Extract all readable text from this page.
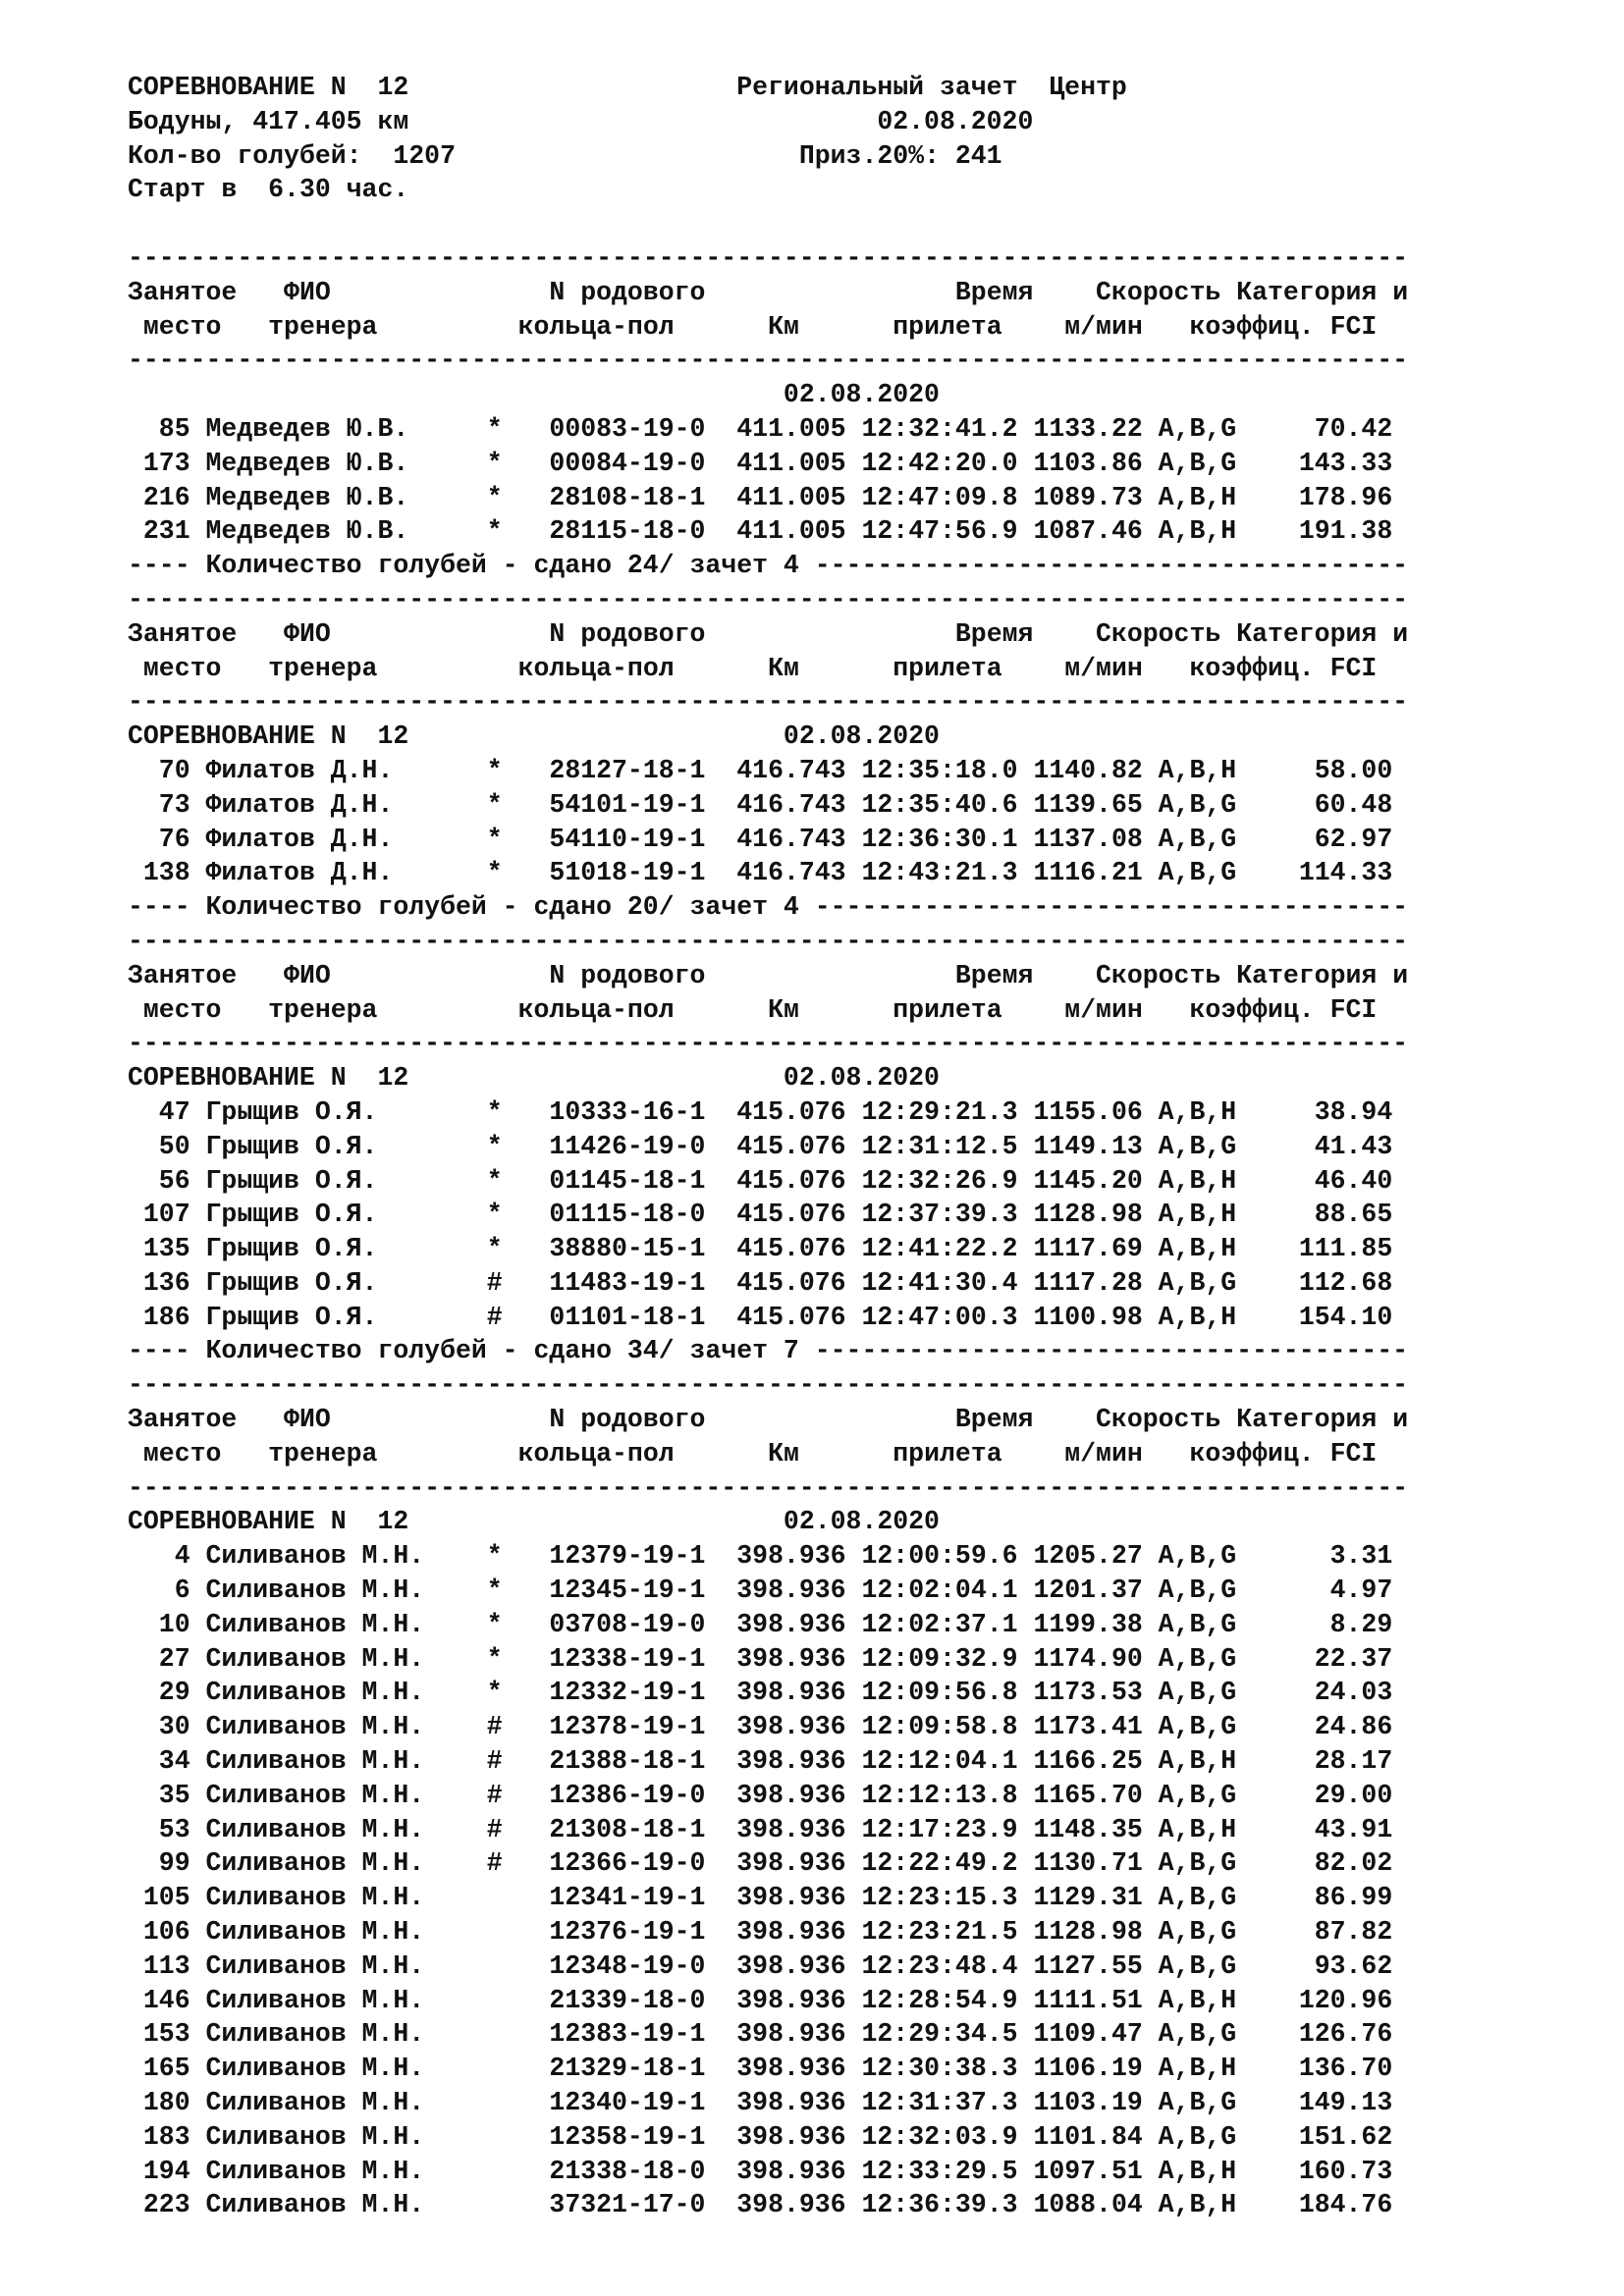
СОРЕВНОВАНИЕ N  12	Региональный зачет  Центр
Бодуны, 417.405 км	02.08.2020
Кол-во голубей: 1207	Приз.20%: 241
Старт в 6.30 час.
----------------------------------------------------------------------------------
Занятое ФИО	N родового	Время Скорость Категория и
место тренера	кольца-пол	Км	прилета м/мин коэффиц. FCI
----------------------------------------------------------------------------------
02.08.2020
85 Медведев Ю.В.     * 00083-19-0 411.005 12:32:41.2 1133.22 A,B,G	70.42
173 Медведев Ю.В.     * 00084-19-0 411.005 12:42:20.0 1103.86 A,B,G 143.33
216 Медведев Ю.В.     * 28108-18-1 411.005 12:47:09.8 1089.73 A,B,H 178.96
231 Медведев Ю.В.     * 28115-18-0 411.005 12:47:56.9 1087.46 A,B,H 191.38
---- Количество голубей - сдано 24/ зачет 4 --------------------------------------
----------------------------------------------------------------------------------
Занятое ФИО	N родового	Время Скорость Категория и
место тренера	кольца-пол	Км	прилета м/мин коэффиц. FCI
----------------------------------------------------------------------------------
СОРЕВНОВАНИЕ N  12	02.08.2020
70 Филатов Д.Н.      * 28127-18-1 416.743 12:35:18.0 1140.82 A,B,H	58.00
73 Филатов Д.Н.      * 54101-19-1 416.743 12:35:40.6 1139.65 A,B,G	60.48
76 Филатов Д.Н.      * 54110-19-1 416.743 12:36:30.1 1137.08 A,B,G	62.97
138 Филатов Д.Н.      * 51018-19-1 416.743 12:43:21.3 1116.21 A,B,G 114.33
---- Количество голубей - сдано 20/ зачет 4 --------------------------------------
----------------------------------------------------------------------------------
Занятое ФИО	N родового	Время Скорость Категория и
место тренера	кольца-пол	Км	прилета м/мин коэффиц. FCI
----------------------------------------------------------------------------------
СОРЕВНОВАНИЕ N  12	02.08.2020
47 Грыщив О.Я.       * 10333-16-1 415.076 12:29:21.3 1155.06 A,B,H	38.94
50 Грыщив О.Я.       * 11426-19-0 415.076 12:31:12.5 1149.13 A,B,G	41.43
56 Грыщив О.Я.       * 01145-18-1 415.076 12:32:26.9 1145.20 A,B,H	46.40
107 Грыщив О.Я.       * 01115-18-0 415.076 12:37:39.3 1128.98 A,B,H	88.65
135 Грыщив О.Я.       * 38880-15-1 415.076 12:41:22.2 1117.69 A,B,H 111.85
136 Грыщив О.Я.       # 11483-19-1 415.076 12:41:30.4 1117.28 A,B,G 112.68
186 Грыщив О.Я.       # 01101-18-1 415.076 12:47:00.3 1100.98 A,B,H 154.10
---- Количество голубей - сдано 34/ зачет 7 --------------------------------------
----------------------------------------------------------------------------------
Занятое ФИО	N родового	Время Скорость Категория и
место тренера	кольца-пол	Км	прилета м/мин коэффиц. FCI
----------------------------------------------------------------------------------
СОРЕВНОВАНИЕ N  12	02.08.2020
4 Силиванов М.Н. * 12379-19-1 398.936 12:00:59.6 1205.27 A,B,G	3.31
6 Силиванов М.Н. * 12345-19-1 398.936 12:02:04.1 1201.37 A,B,G	4.97
10 Силиванов М.Н. * 03708-19-0 398.936 12:02:37.1 1199.38 A,B,G	8.29
27 Силиванов М.Н. * 12338-19-1 398.936 12:09:32.9 1174.90 A,B,G	22.37
29 Силиванов М.Н. * 12332-19-1 398.936 12:09:56.8 1173.53 A,B,G	24.03
30 Силиванов М.Н. # 12378-19-1 398.936 12:09:58.8 1173.41 A,B,G	24.86
34 Силиванов М.Н. # 21388-18-1 398.936 12:12:04.1 1166.25 A,B,H	28.17
35 Силиванов М.Н. # 12386-19-0 398.936 12:12:13.8 1165.70 A,B,G	29.00
53 Силиванов М.Н. # 21308-18-1 398.936 12:17:23.9 1148.35 A,B,H	43.91
99 Силиванов М.Н. # 12366-19-0 398.936 12:22:49.2 1130.71 A,B,G	82.02
105 Силиванов М.Н.	12341-19-1 398.936 12:23:15.3 1129.31 A,B,G	86.99
106 Силиванов М.Н.	12376-19-1 398.936 12:23:21.5 1128.98 A,B,G	87.82
113 Силиванов М.Н.	12348-19-0 398.936 12:23:48.4 1127.55 A,B,G	93.62
146 Силиванов М.Н.	21339-18-0 398.936 12:28:54.9 1111.51 A,B,H 120.96
153 Силиванов М.Н.	12383-19-1 398.936 12:29:34.5 1109.47 A,B,G 126.76
165 Силиванов М.Н.	21329-18-1 398.936 12:30:38.3 1106.19 A,B,H 136.70
180 Силиванов М.Н.	12340-19-1 398.936 12:31:37.3 1103.19 A,B,G 149.13
183 Силиванов М.Н.	12358-19-1 398.936 12:32:03.9 1101.84 A,B,G 151.62
194 Силиванов М.Н.	21338-18-0 398.936 12:33:29.5 1097.51 A,B,H 160.73
223 Силиванов М.Н.	37321-17-0 398.936 12:36:39.3 1088.04 A,B,H 184.76
